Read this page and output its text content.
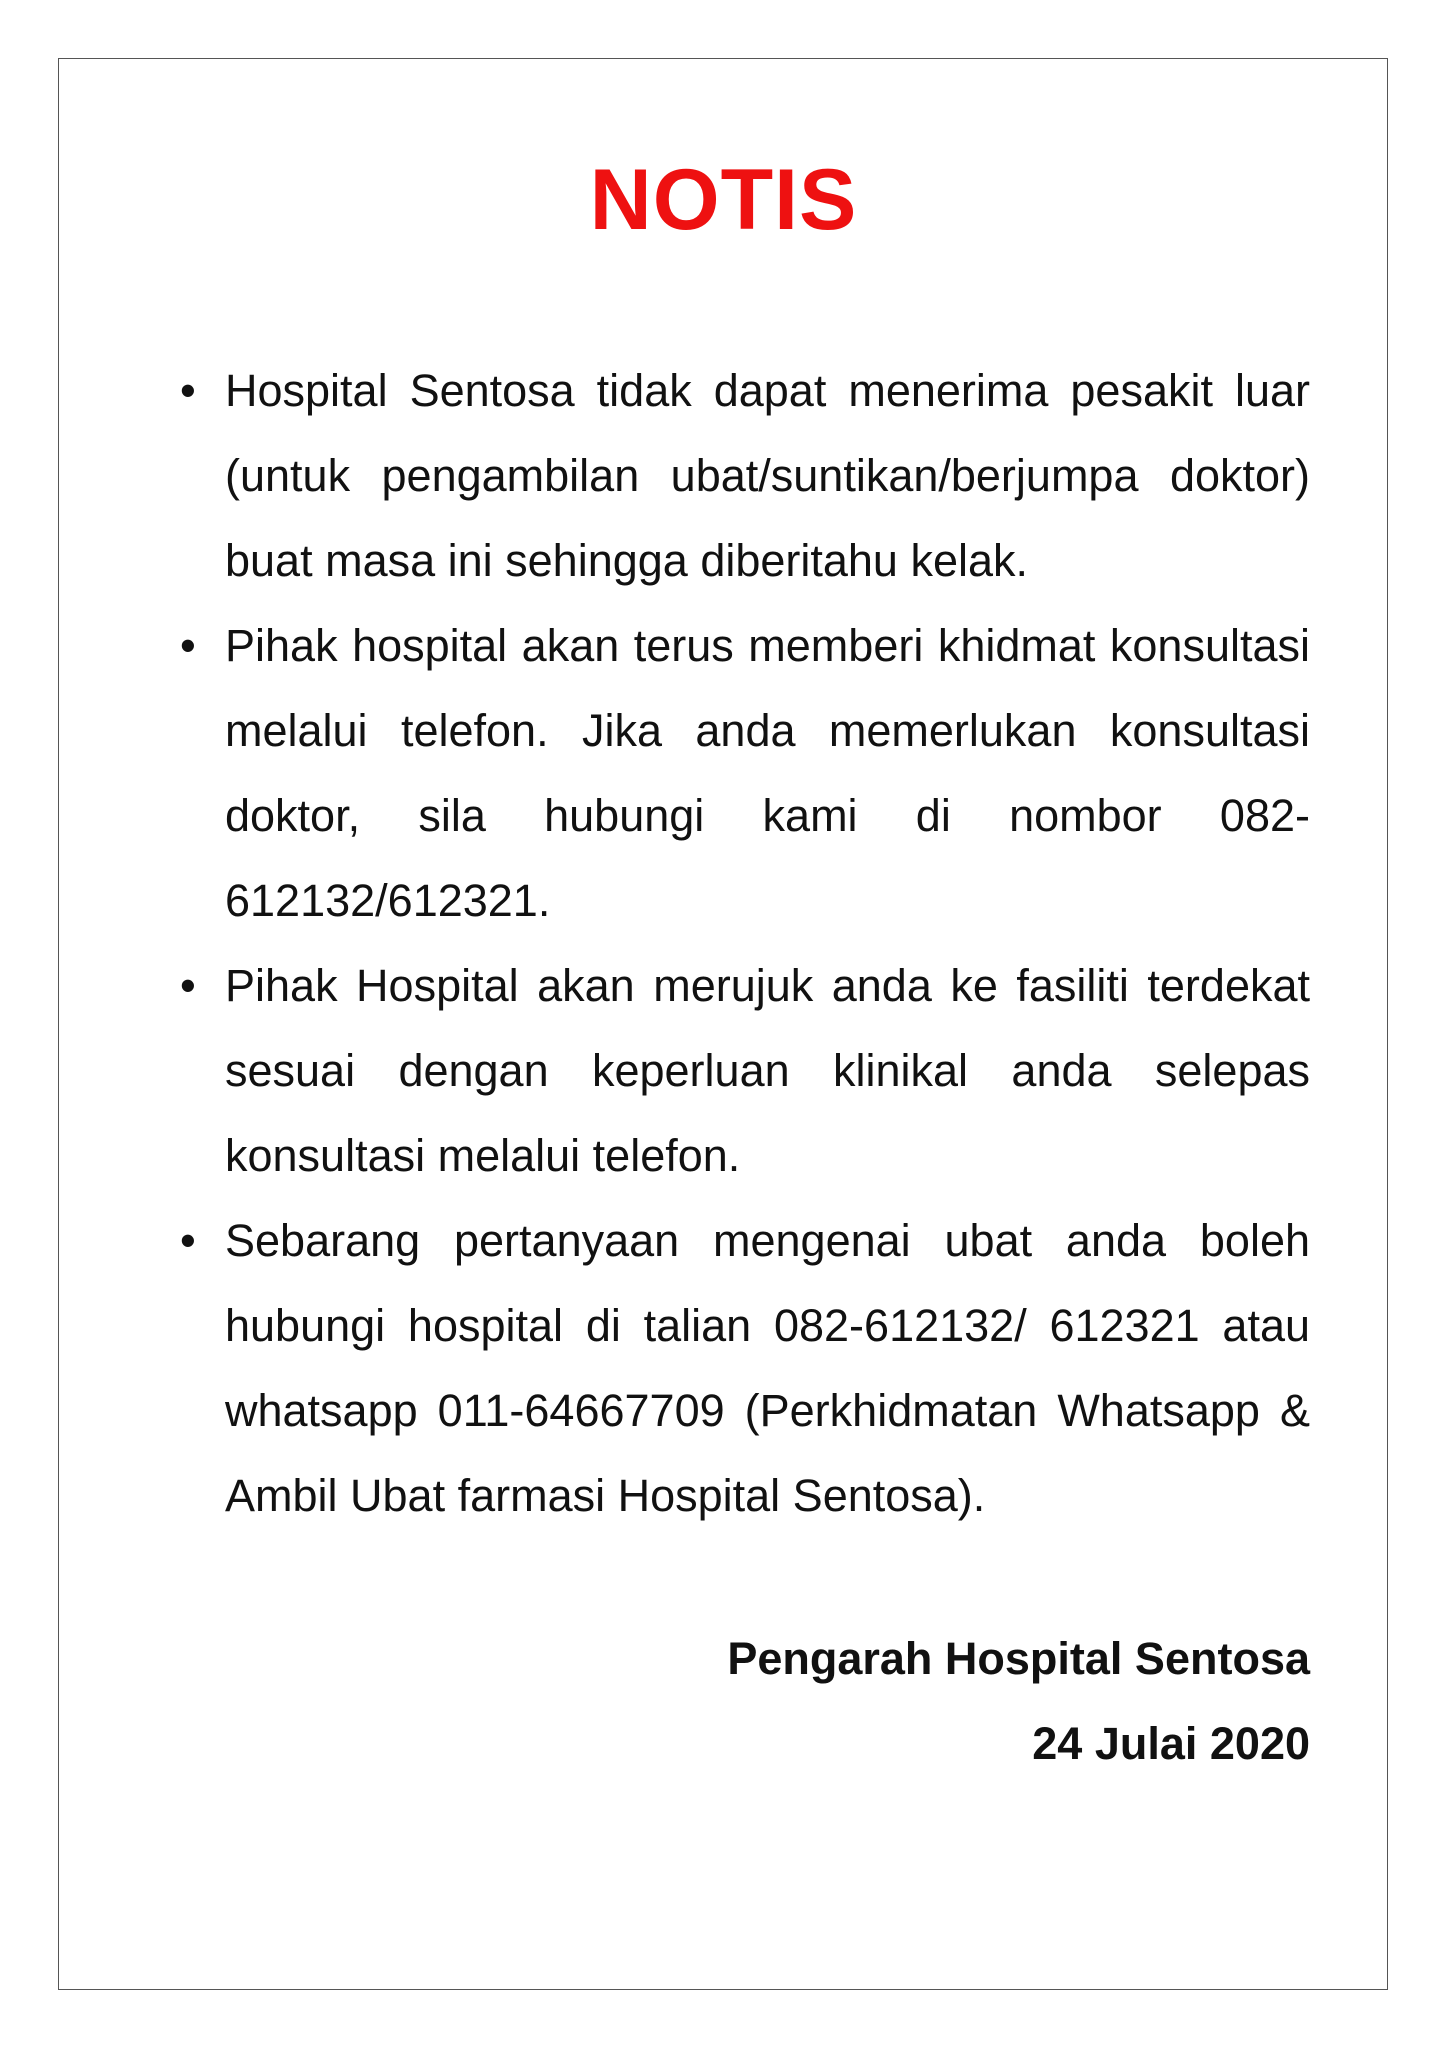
NOTIS
• Hospital Sentosa tidak dapat menerima pesakit luar (untuk pengambilan ubat/suntikan/berjumpa doktor) buat masa ini sehingga diberitahu kelak.
• Pihak hospital akan terus memberi khidmat konsultasi melalui telefon. Jika anda memerlukan konsultasi doktor, sila hubungi kami di nombor 082-612132/612321.
• Pihak Hospital akan merujuk anda ke fasiliti terdekat sesuai dengan keperluan klinikal anda selepas konsultasi melalui telefon.
• Sebarang pertanyaan mengenai ubat anda boleh hubungi hospital di talian 082-612132/ 612321 atau whatsapp 011-64667709 (Perkhidmatan Whatsapp & Ambil Ubat farmasi Hospital Sentosa).
Pengarah Hospital Sentosa
24 Julai 2020
